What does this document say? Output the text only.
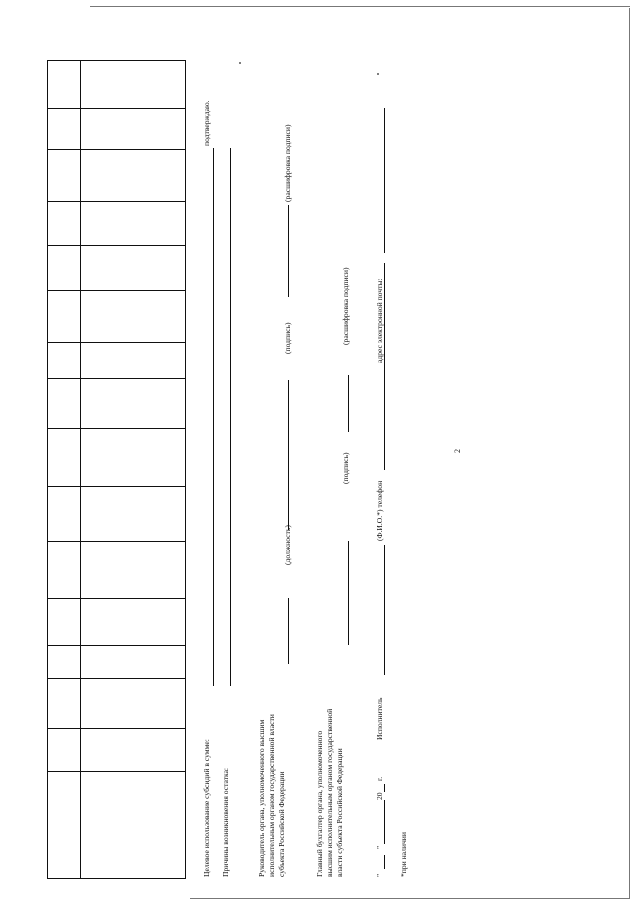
2
Целевое использование субсидий в сумме:
подтверждаю.
Причины возникновения остатка:	Руководитель органа, уполномоченного высшим исполнительным органом государственной власти субъекта Российской Федерации
(должность)
(подпись)
(расшифровка подписи)
Главный бухгалтер органа, уполномоченного высшим исполнительным органом государственной власти субъекта Российской Федерации
(подпись)
(расшифровка подписи)
"
"
20
г.
Исполнитель
(Ф.И.О.*) телефон
адрес электронной почты:
*при наличии
